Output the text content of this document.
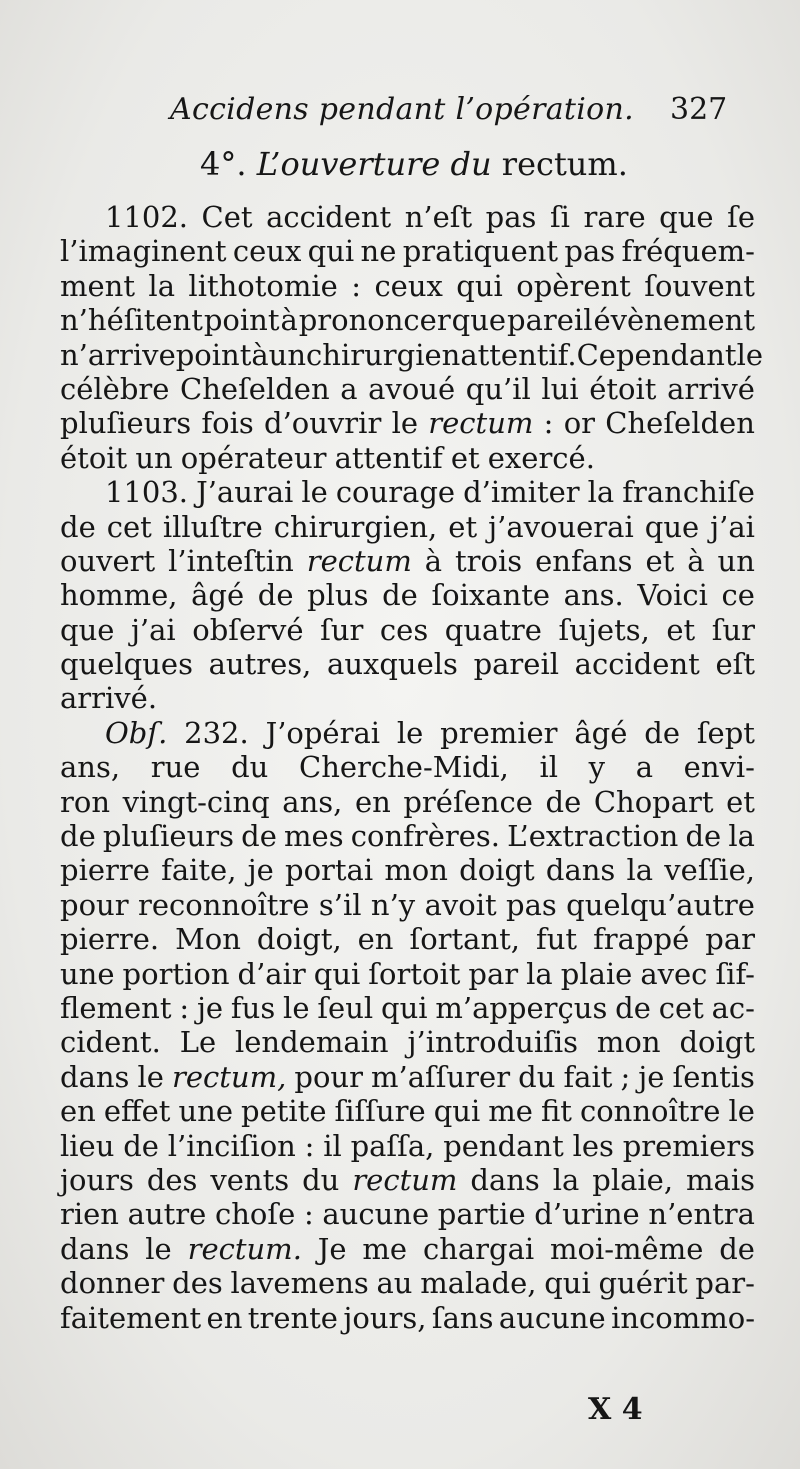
Accidens pendant l’opération. 327
4°. L’ouverture du rectum.
1102. Cet accident n’eſt pas ſi rare que ſe
l’imaginent ceux qui ne pratiquent pas fréquem-
ment la lithotomie : ceux qui opèrent ſouvent
n’héſitent point à prononcer que pareil évènement
n’arrive point à un chirurgien attentif. Cependant le
célèbre Cheſelden a avoué qu’il lui étoit arrivé
pluſieurs fois d’ouvrir le rectum : or Cheſelden
étoit un opérateur attentif et exercé.
1103. J’aurai le courage d’imiter la franchiſe
de cet illuſtre chirurgien, et j’avouerai que j’ai
ouvert l’inteſtin rectum à trois enfans et à un
homme, âgé de plus de ſoixante ans. Voici ce
que j’ai obſervé ſur ces quatre ſujets, et ſur
quelques autres, auxquels pareil accident eſt
arrivé.
Obſ. 232. J’opérai le premier âgé de ſept
ans, rue du Cherche-Midi, il y a envi-
ron vingt-cinq ans, en préſence de Chopart et
de pluſieurs de mes confrères. L’extraction de la
pierre faite, je portai mon doigt dans la veſſie,
pour reconnoître s’il n’y avoit pas quelqu’autre
pierre. Mon doigt, en ſortant, fut frappé par
une portion d’air qui ſortoit par la plaie avec ſif-
flement : je fus le ſeul qui m’apperçus de cet ac-
cident. Le lendemain j’introduiſis mon doigt
dans le rectum, pour m’aſſurer du fait ; je ſentis
en effet une petite ſiſſure qui me fit connoître le
lieu de l’inciſion : il paſſa, pendant les premiers
jours des vents du rectum dans la plaie, mais
rien autre choſe : aucune partie d’urine n’entra
dans le rectum. Je me chargai moi-même de
donner des lavemens au malade, qui guérit par-
faitement en trente jours, ſans aucune incommo-
X 4
